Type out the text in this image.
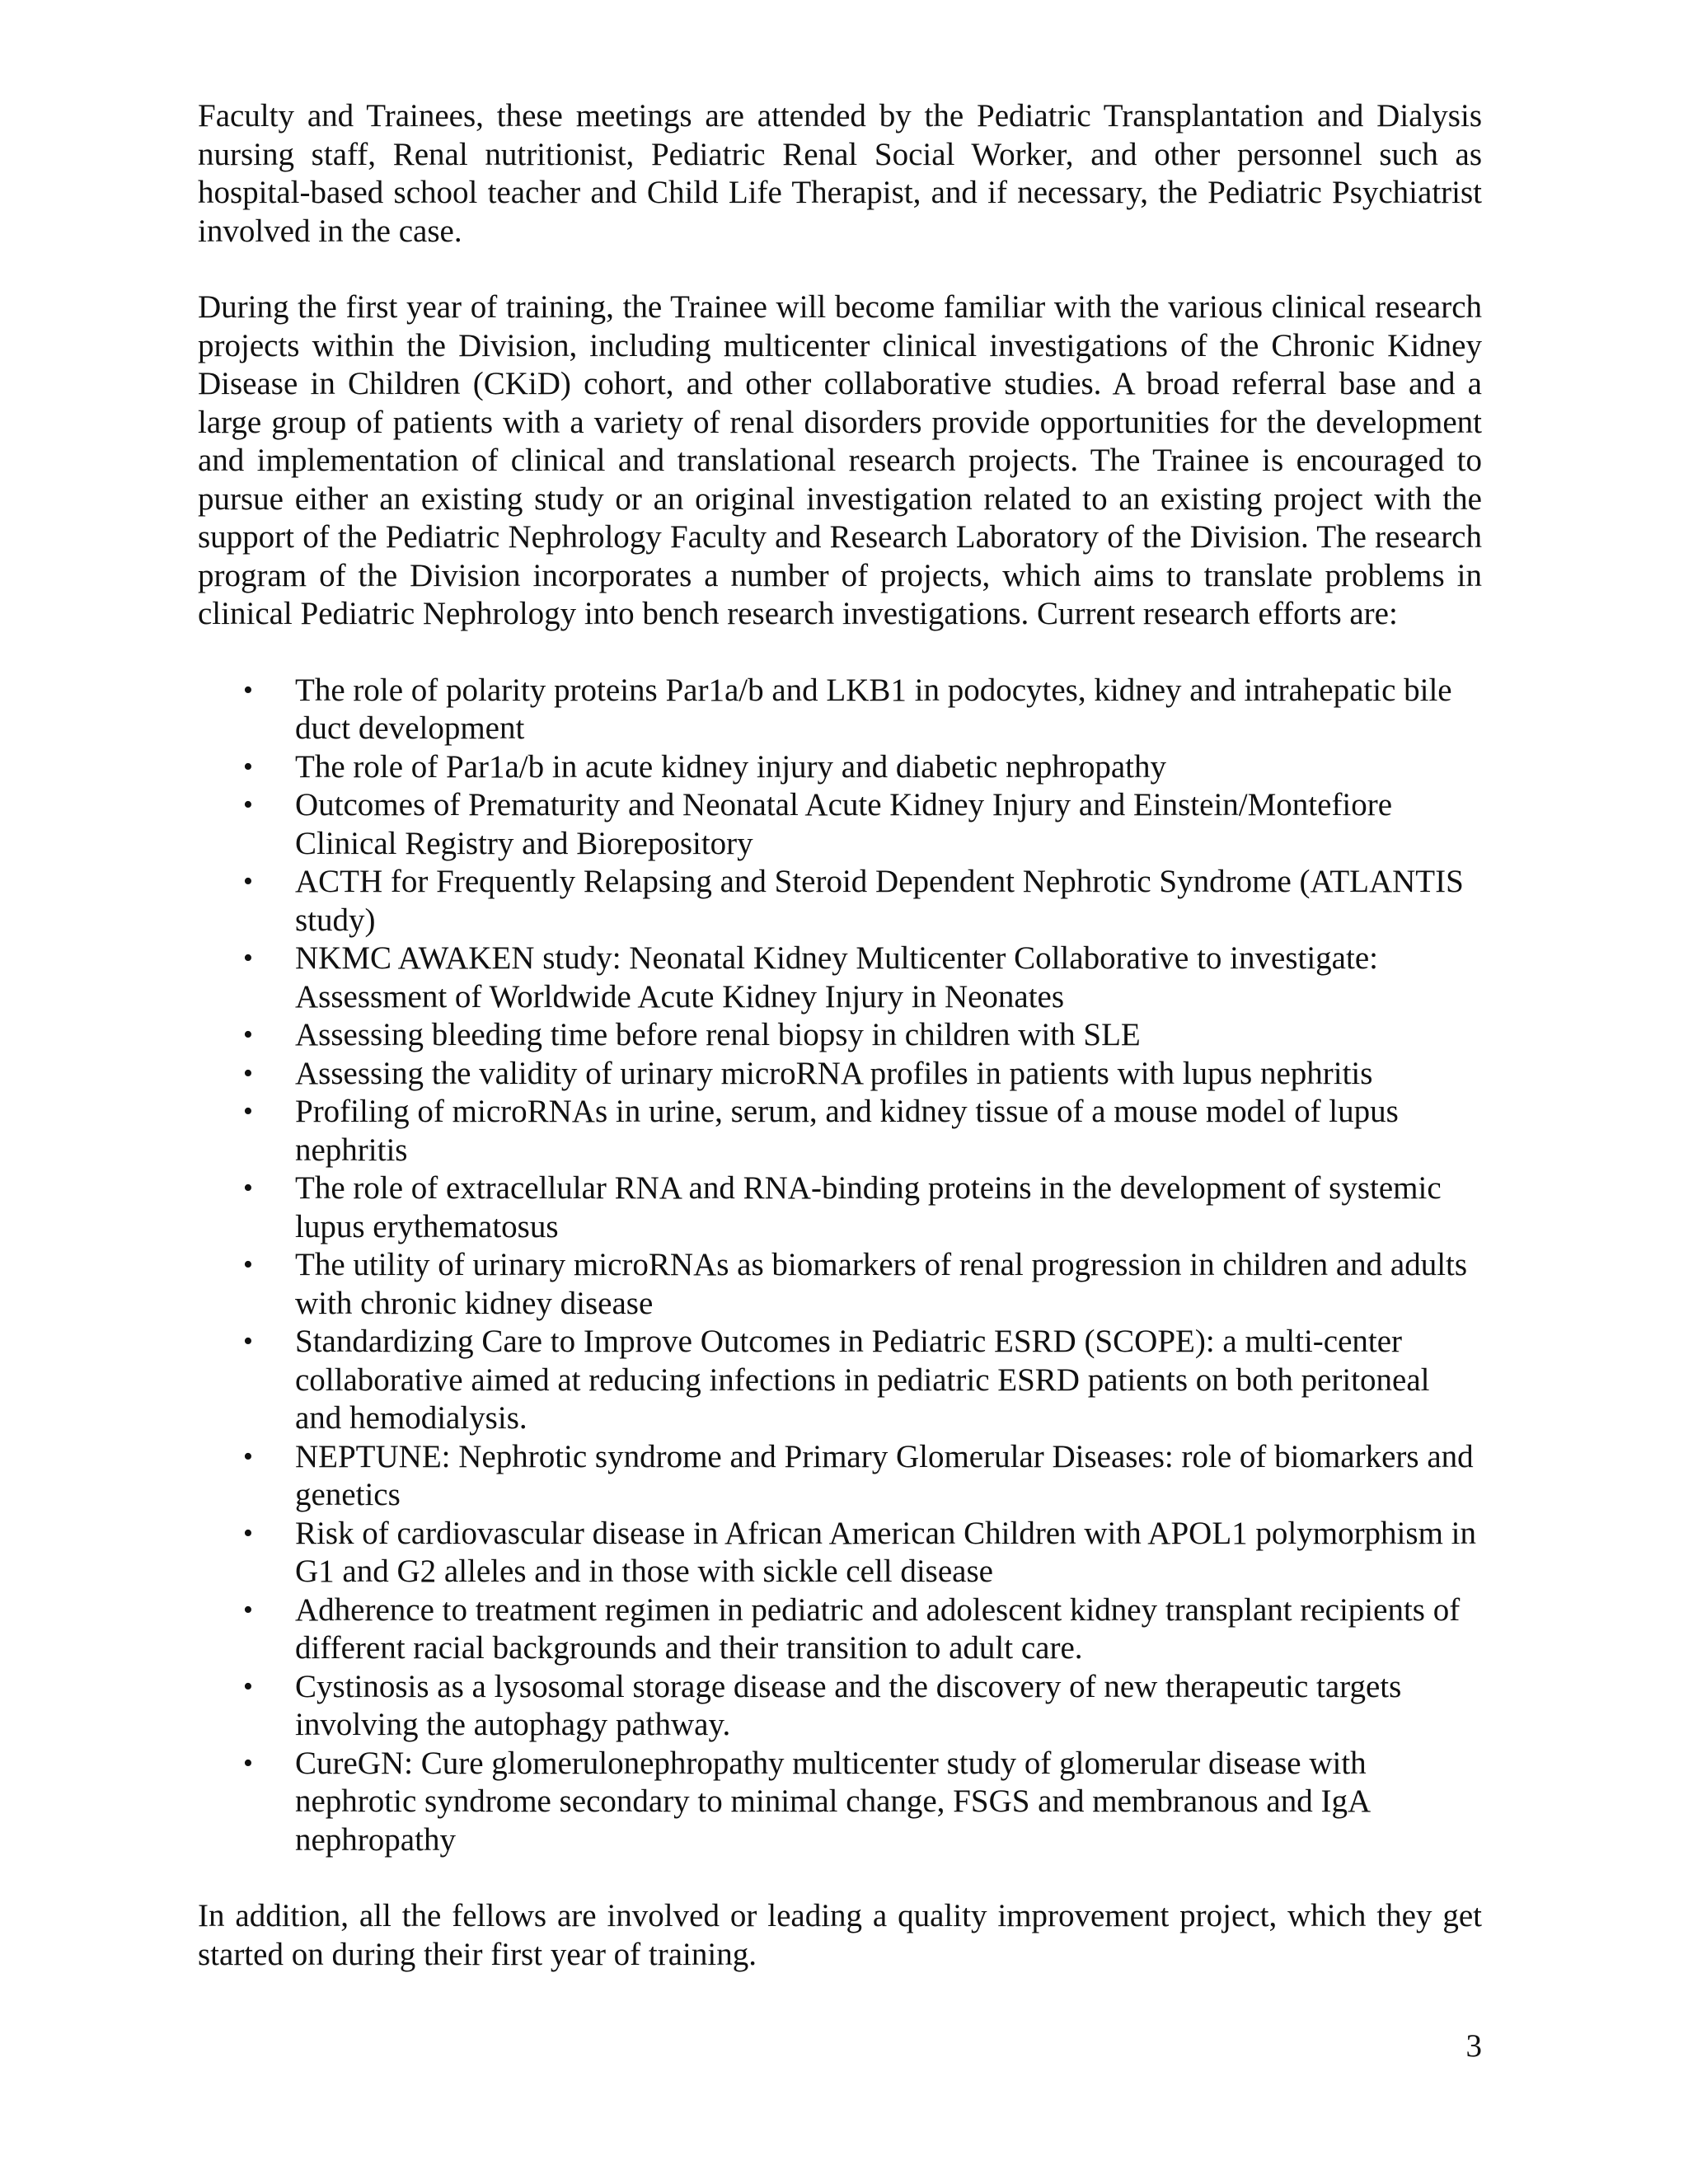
Faculty and Trainees, these meetings are attended by the Pediatric Transplantation and Dialysis nursing staff, Renal nutritionist, Pediatric Renal Social Worker, and other personnel such as hospital-based school teacher and Child Life Therapist, and if necessary, the Pediatric Psychiatrist involved in the case.

During the first year of training, the Trainee will become familiar with the various clinical research projects within the Division, including multicenter clinical investigations of the Chronic Kidney Disease in Children (CKiD) cohort, and other collaborative studies. A broad referral base and a large group of patients with a variety of renal disorders provide opportunities for the development and implementation of clinical and translational research projects. The Trainee is encouraged to pursue either an existing study or an original investigation related to an existing project with the support of the Pediatric Nephrology Faculty and Research Laboratory of the Division. The research program of the Division incorporates a number of projects, which aims to translate problems in clinical Pediatric Nephrology into bench research investigations. Current research efforts are:

• The role of polarity proteins Par1a/b and LKB1 in podocytes, kidney and intrahepatic bile duct development
• The role of Par1a/b in acute kidney injury and diabetic nephropathy
• Outcomes of Prematurity and Neonatal Acute Kidney Injury and Einstein/Montefiore Clinical Registry and Biorepository
• ACTH for Frequently Relapsing and Steroid Dependent Nephrotic Syndrome (ATLANTIS study)
• NKMC AWAKEN study: Neonatal Kidney Multicenter Collaborative to investigate: Assessment of Worldwide Acute Kidney Injury in Neonates
• Assessing bleeding time before renal biopsy in children with SLE
• Assessing the validity of urinary microRNA profiles in patients with lupus nephritis
• Profiling of microRNAs in urine, serum, and kidney tissue of a mouse model of lupus nephritis
• The role of extracellular RNA and RNA-binding proteins in the development of systemic lupus erythematosus
• The utility of urinary microRNAs as biomarkers of renal progression in children and adults with chronic kidney disease
• Standardizing Care to Improve Outcomes in Pediatric ESRD (SCOPE): a multi-center collaborative aimed at reducing infections in pediatric ESRD patients on both peritoneal and hemodialysis.
• NEPTUNE: Nephrotic syndrome and Primary Glomerular Diseases: role of biomarkers and genetics
• Risk of cardiovascular disease in African American Children with APOL1 polymorphism in G1 and G2 alleles and in those with sickle cell disease
• Adherence to treatment regimen in pediatric and adolescent kidney transplant recipients of different racial backgrounds and their transition to adult care.
• Cystinosis as a lysosomal storage disease and the discovery of new therapeutic targets involving the autophagy pathway.
• CureGN: Cure glomerulonephropathy multicenter study of glomerular disease with nephrotic syndrome secondary to minimal change, FSGS and membranous and IgA nephropathy

In addition, all the fellows are involved or leading a quality improvement project, which they get started on during their first year of training.

3
